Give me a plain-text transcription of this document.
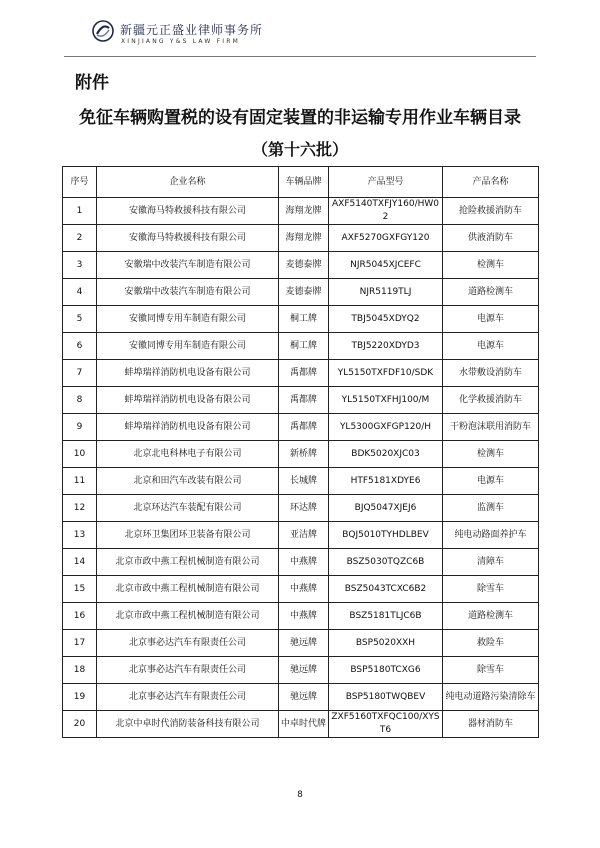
新疆元正盛业律师事务所
XINJIANG Y&S LAW FIRM
附件
免征车辆购置税的设有固定装置的非运输专用作业车辆目录
（第十六批）
序号	企业名称	车辆品牌	产品型号	产品名称
1	安徽海马特救援科技有限公司	海翔龙牌	AXF5140TXFJY160/HW02	抢险救援消防车
2	安徽海马特救援科技有限公司	海翔龙牌	AXF5270GXFGY120	供液消防车
3	安徽瑞中改装汽车制造有限公司	麦德泰牌	NJR5045XJCEFC	检测车
4	安徽瑞中改装汽车制造有限公司	麦德泰牌	NJR5119TLJ	道路检测车
5	安徽同博专用车制造有限公司	桐工牌	TBJ5045XDYQ2	电源车
6	安徽同博专用车制造有限公司	桐工牌	TBJ5220XDYD3	电源车
7	蚌埠瑞祥消防机电设备有限公司	禹都牌	YL5150TXFDF10/SDK	水带敷设消防车
8	蚌埠瑞祥消防机电设备有限公司	禹都牌	YL5150TXFHJ100/M	化学救援消防车
9	蚌埠瑞祥消防机电设备有限公司	禹都牌	YL5300GXFGP120/H	干粉泡沫联用消防车
10	北京北电科林电子有限公司	新桥牌	BDK5020XJC03	检测车
11	北京和田汽车改装有限公司	长城牌	HTF5181XDYE6	电源车
12	北京环达汽车装配有限公司	环达牌	BJQ5047XJEJ6	监测车
13	北京环卫集团环卫装备有限公司	亚洁牌	BQJ5010TYHDLBEV	纯电动路面养护车
14	北京市政中燕工程机械制造有限公司	中燕牌	BSZ5030TQZC6B	清障车
15	北京市政中燕工程机械制造有限公司	中燕牌	BSZ5043TCXC6B2	除雪车
16	北京市政中燕工程机械制造有限公司	中燕牌	BSZ5181TLJC6B	道路检测车
17	北京事必达汽车有限责任公司	驰远牌	BSP5020XXH	救险车
18	北京事必达汽车有限责任公司	驰远牌	BSP5180TCXG6	除雪车
19	北京事必达汽车有限责任公司	驰远牌	BSP5180TWQBEV	纯电动道路污染清除车
20	北京中卓时代消防装备科技有限公司	中卓时代牌	ZXF5160TXFQC100/XYST6	器材消防车
8
